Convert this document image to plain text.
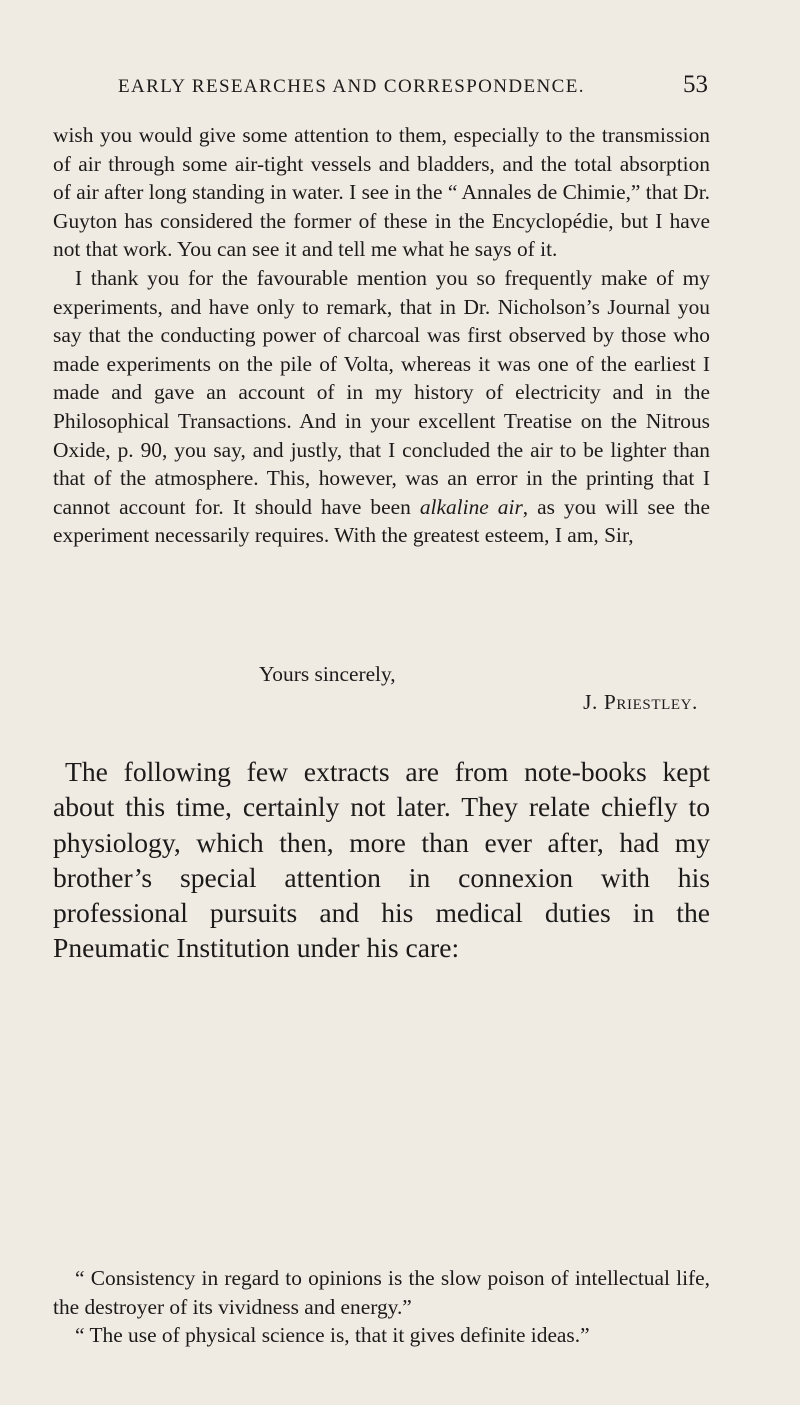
EARLY RESEARCHES AND CORRESPONDENCE.	53

wish you would give some attention to them, especially to the transmission of air through some air-tight vessels and bladders, and the total absorption of air after long standing in water. I see in the “ Annales de Chimie,” that Dr. Guyton has considered the former of these in the Encyclopédie, but I have not that work. You can see it and tell me what he says of it.

I thank you for the favourable mention you so frequently make of my experiments, and have only to remark, that in Dr. Nicholson’s Journal you say that the conducting power of charcoal was first observed by those who made experiments on the pile of Volta, whereas it was one of the earliest I made and gave an account of in my history of electricity and in the Philosophical Transactions. And in your excellent Treatise on the Nitrous Oxide, p. 90, you say, and justly, that I concluded the air to be lighter than that of the atmosphere. This, however, was an error in the printing that I cannot account for. It should have been alkaline air, as you will see the experiment necessarily requires. With the greatest esteem, I am, Sir,

Yours sincerely,
J. Priestley.

The following few extracts are from note-books kept about this time, certainly not later. They relate chiefly to physiology, which then, more than ever after, had my brother’s special attention in connexion with his professional pursuits and his medical duties in the Pneumatic Institution under his care:

“ Consistency in regard to opinions is the slow poison of intellectual life, the destroyer of its vividness and energy.”

“ The use of physical science is, that it gives definite ideas.”
